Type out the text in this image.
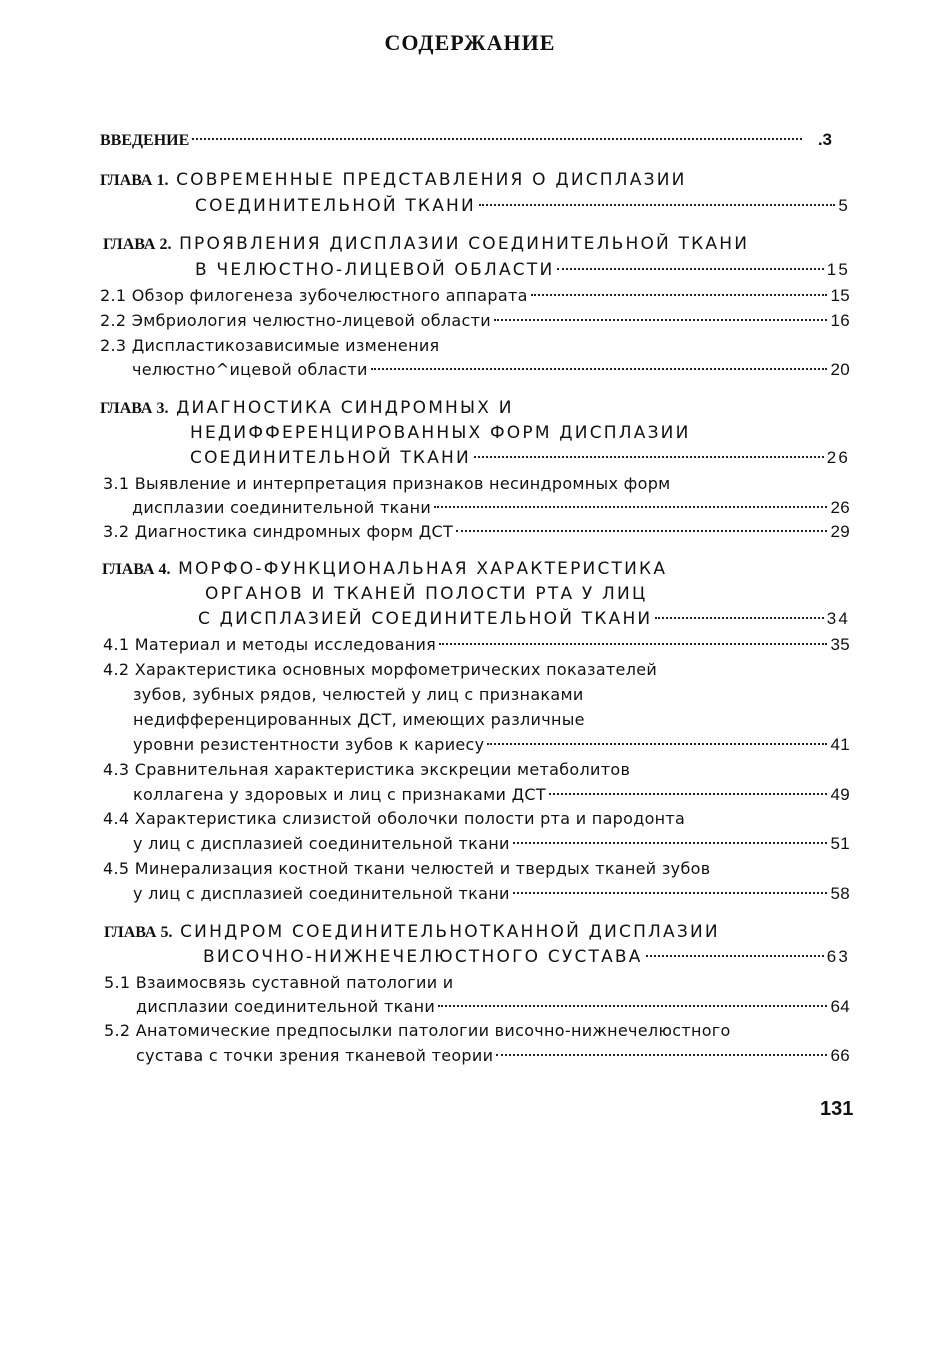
СОДЕРЖАНИЕ
ВВЕДЕНИЕ	.3
ГЛАВА 1. СОВРЕМЕННЫЕ ПРЕДСТАВЛЕНИЯ О ДИСПЛАЗИИ
СОЕДИНИТЕЛЬНОЙ ТКАНИ	5
ГЛАВА 2. ПРОЯВЛЕНИЯ ДИСПЛАЗИИ СОЕДИНИТЕЛЬНОЙ ТКАНИ
В ЧЕЛЮСТНО-ЛИЦЕВОЙ ОБЛАСТИ	15
2.1 Обзор филогенеза зубочелюстного аппарата	15
2.2 Эмбриология челюстно-лицевой области	16
2.3 Диспластикозависимые изменения
челюстно^ицевой области	20
ГЛАВА 3. ДИАГНОСТИКА СИНДРОМНЫХ И
НЕДИФФЕРЕНЦИРОВАННЫХ ФОРМ ДИСПЛАЗИИ
СОЕДИНИТЕЛЬНОЙ ТКАНИ	26
3.1 Выявление и интерпретация признаков несиндромных форм
дисплазии соединительной ткани	26
3.2 Диагностика синдромных форм ДСТ	29
ГЛАВА 4. МОРФО-ФУНКЦИОНАЛЬНАЯ ХАРАКТЕРИСТИКА
ОРГАНОВ И ТКАНЕЙ ПОЛОСТИ РТА У ЛИЦ
С ДИСПЛАЗИЕЙ СОЕДИНИТЕЛЬНОЙ ТКАНИ	34
4.1 Материал и методы исследования	35
4.2 Характеристика основных морфометрических показателей
зубов, зубных рядов, челюстей у лиц с признаками
недифференцированных ДСТ, имеющих различные
уровни резистентности зубов к кариесу	41
4.3 Сравнительная характеристика экскреции метаболитов
коллагена у здоровых и лиц с признаками ДСТ	49
4.4 Характеристика слизистой оболочки полости рта и пародонта
у лиц с дисплазией соединительной ткани	51
4.5 Минерализация костной ткани челюстей и твердых тканей зубов
у лиц с дисплазией соединительной ткани	58
ГЛАВА 5. СИНДРОМ СОЕДИНИТЕЛЬНОТКАННОЙ ДИСПЛАЗИИ
ВИСОЧНО-НИЖНЕЧЕЛЮСТНОГО СУСТАВА	63
5.1 Взаимосвязь суставной патологии и
дисплазии соединительной ткани	64
5.2 Анатомические предпосылки патологии височно-нижнечелюстного
сустава с точки зрения тканевой теории	66
131
